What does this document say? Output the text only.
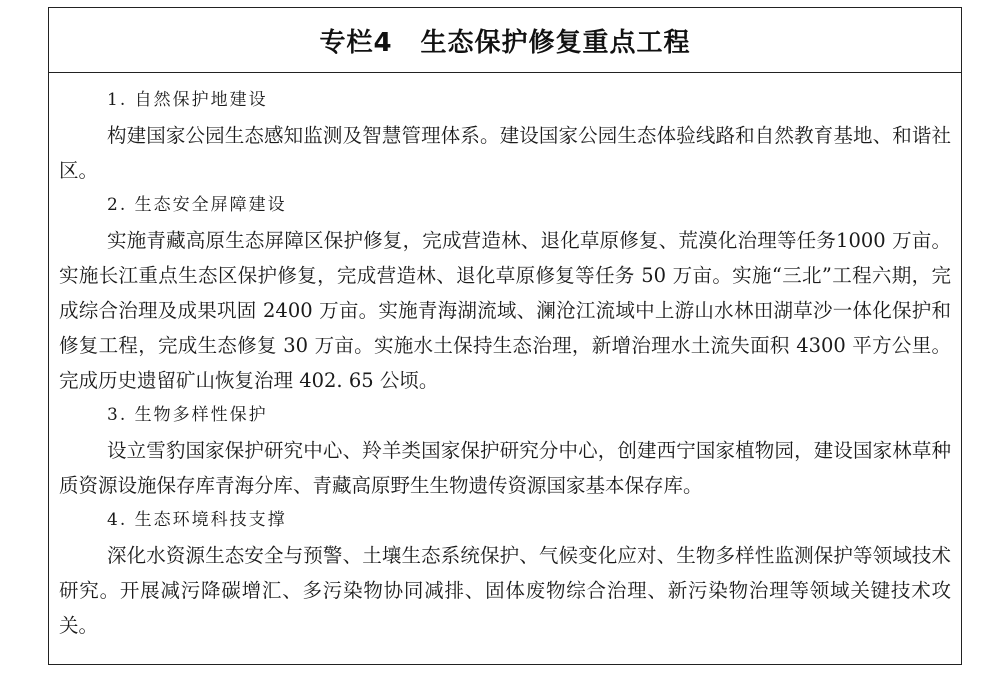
专栏4 生态保护修复重点工程
1. 自然保护地建设

构建国家公园生态感知监测及智慧管理体系。建设国家公园生态体验线路和自然教育基地、和谐社区。

2. 生态安全屏障建设

实施青藏高原生态屏障区保护修复，完成营造林、退化草原修复、荒漠化治理等任务1000 万亩。实施长江重点生态区保护修复，完成营造林、退化草原修复等任务 50 万亩。实施“三北”工程六期，完成综合治理及成果巩固 2400 万亩。实施青海湖流域、澜沧江流域中上游山水林田湖草沙一体化保护和修复工程，完成生态修复 30 万亩。实施水土保持生态治理，新增治理水土流失面积 4300 平方公里。完成历史遗留矿山恢复治理 402. 65 公顷。

3. 生物多样性保护

设立雪豹国家保护研究中心、羚羊类国家保护研究分中心，创建西宁国家植物园，建设国家林草种质资源设施保存库青海分库、青藏高原野生生物遗传资源国家基本保存库。

4. 生态环境科技支撑

深化水资源生态安全与预警、土壤生态系统保护、气候变化应对、生物多样性监测保护等领域技术研究。开展减污降碳增汇、多污染物协同减排、固体废物综合治理、新污染物治理等领域关键技术攻关。
